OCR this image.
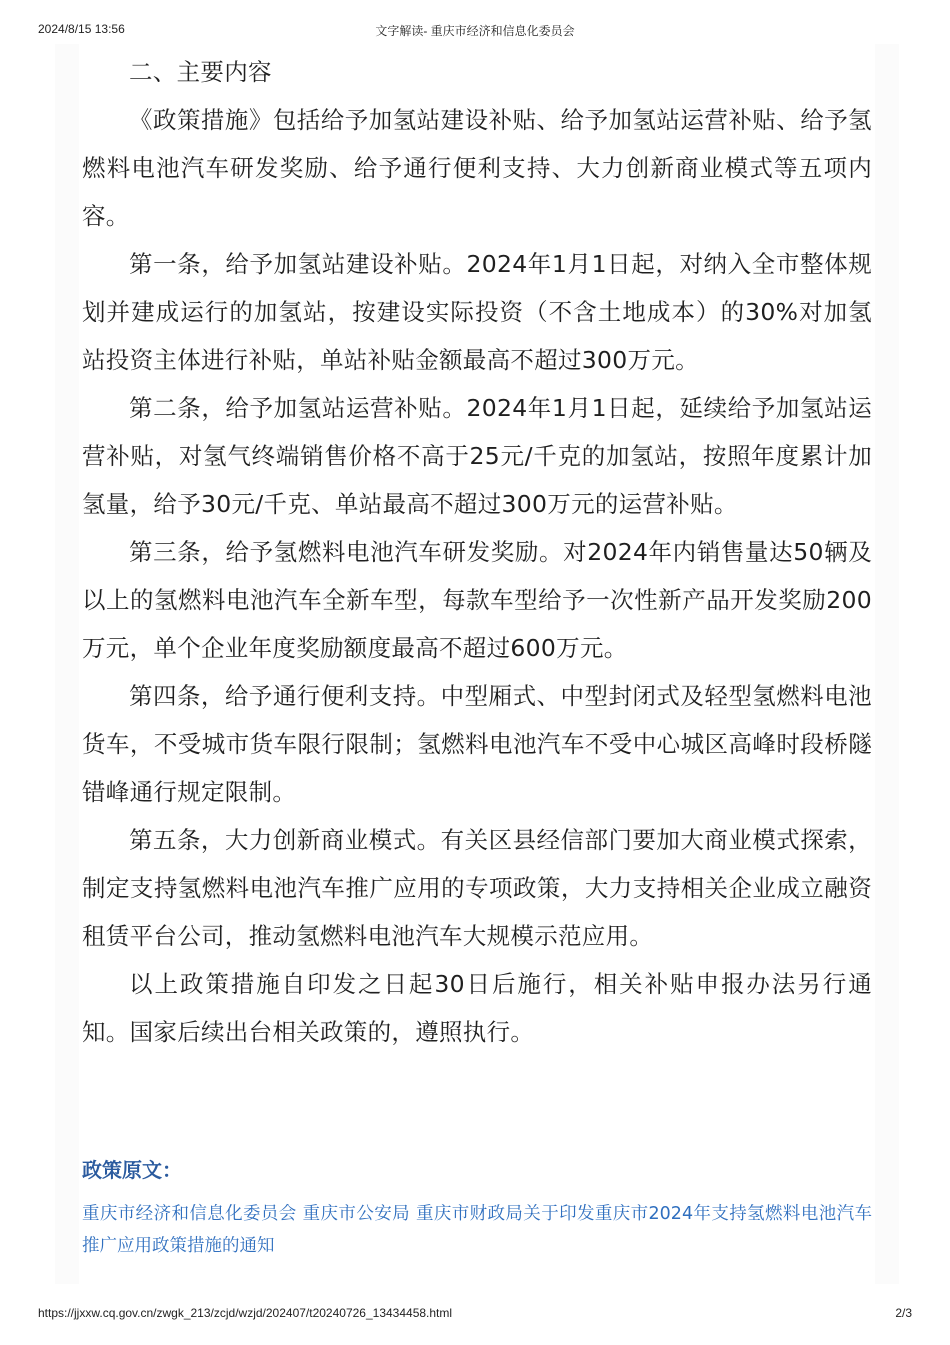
2024/8/15 13:56	文字解读- 重庆市经济和信息化委员会

二、主要内容

《政策措施》包括给予加氢站建设补贴、给予加氢站运营补贴、给予氢燃料电池汽车研发奖励、给予通行便利支持、大力创新商业模式等五项内容。

第一条，给予加氢站建设补贴。2024年1月1日起，对纳入全市整体规划并建成运行的加氢站，按建设实际投资（不含土地成本）的30%对加氢站投资主体进行补贴，单站补贴金额最高不超过300万元。

第二条，给予加氢站运营补贴。2024年1月1日起，延续给予加氢站运营补贴，对氢气终端销售价格不高于25元/千克的加氢站，按照年度累计加氢量，给予30元/千克、单站最高不超过300万元的运营补贴。

第三条，给予氢燃料电池汽车研发奖励。对2024年内销售量达50辆及以上的氢燃料电池汽车全新车型，每款车型给予一次性新产品开发奖励200万元，单个企业年度奖励额度最高不超过600万元。

第四条，给予通行便利支持。中型厢式、中型封闭式及轻型氢燃料电池货车，不受城市货车限行限制；氢燃料电池汽车不受中心城区高峰时段桥隧错峰通行规定限制。

第五条，大力创新商业模式。有关区县经信部门要加大商业模式探索，制定支持氢燃料电池汽车推广应用的专项政策，大力支持相关企业成立融资租赁平台公司，推动氢燃料电池汽车大规模示范应用。

以上政策措施自印发之日起30日后施行，相关补贴申报办法另行通知。国家后续出台相关政策的，遵照执行。

政策原文：
重庆市经济和信息化委员会 重庆市公安局 重庆市财政局关于印发重庆市2024年支持氢燃料电池汽车推广应用政策措施的通知
https://jjxxw.cq.gov.cn/zwgk_213/zcjd/wzjd/202407/t20240726_13434458.html	2/3
